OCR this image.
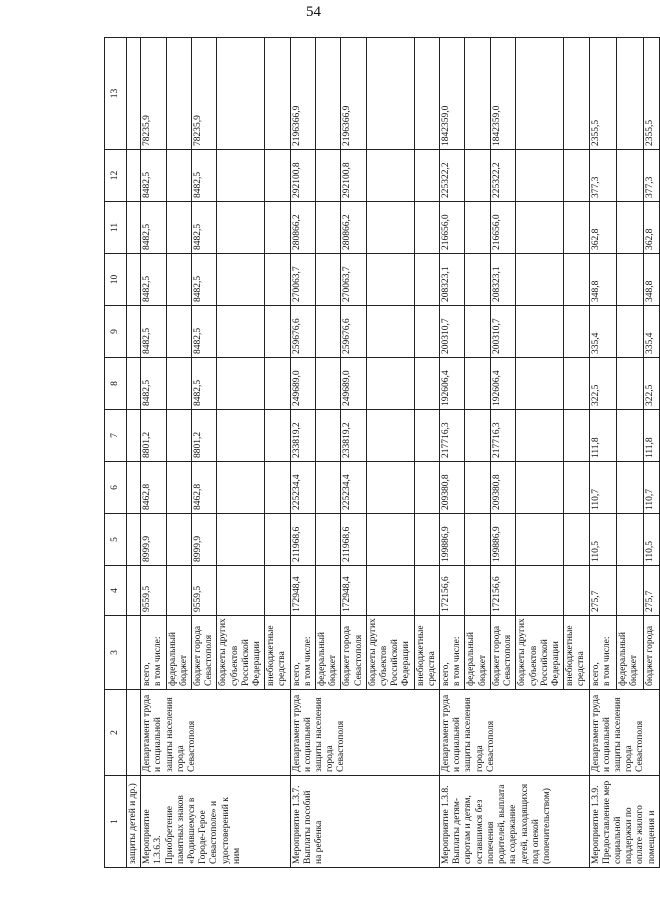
54
1	2	3	4	5	6	7	8	9	10	11	12	13
защиты детей и др.)												
Мероприятие 1.3.6.3. Приобретение памятных знаков «Родившемуся в Городе-Герое Севастополе» и удостоверений к ним	Департамент труда и социальной защиты населения города Севастополя	всего, в том числе:	9559,5	8999,9	8462,8	8801,2	8482,5	8482,5	8482,5	8482,5	8482,5	78235,9

		федеральный бюджет										

		бюджет города Севастополя	9559,5	8999,9	8462,8	8801,2	8482,5	8482,5	8482,5	8482,5	8482,5	78235,9

		бюджеты других субъектов Российской Федерации										

		внебюджетные средства										

Мероприятие 1.3.7. Выплаты пособий на ребенка	Департамент труда и социальной защиты населения города Севастополя	всего, в том числе:	172948,4	211968,6	225234,4	233819,2	249689,0	259676,6	270063,7	280866,2	292100,8	2196366,9

		федеральный бюджет										

		бюджет города Севастополя	172948,4	211968,6	225234,4	233819,2	249689,0	259676,6	270063,7	280866,2	292100,8	2196366,9

		бюджеты других субъектов Российской Федерации										

		внебюджетные средства										

Мероприятие 1.3.8. Выплаты детям-сиротам и детям, оставшимся без попечения родителей, выплата на содержание детей, находящихся под опекой (попечительством)	Департамент труда и социальной защиты населения города Севастополя	всего, в том числе:	172156,6	199886,9	209380,8	217716,3	192606,4	200310,7	208323,1	216656,0	225322,2	1842359,0

		федеральный бюджет										

		бюджет города Севастополя	172156,6	199886,9	209380,8	217716,3	192606,4	200310,7	208323,1	216656,0	225322,2	1842359,0

		бюджеты других субъектов Российской Федерации										

		внебюджетные средства										

Мероприятие 1.3.9. Предоставление мер социальной поддержки по оплате жилого помещения и	Департамент труда и социальной защиты населения города Севастополя	всего, в том числе:	275,7	110,5	110,7	111,8	322,5	335,4	348,8	362,8	377,3	2355,5

		федеральный бюджет										

		бюджет города	275,7	110,5	110,7	111,8	322,5	335,4	348,8	362,8	377,3	2355,5
